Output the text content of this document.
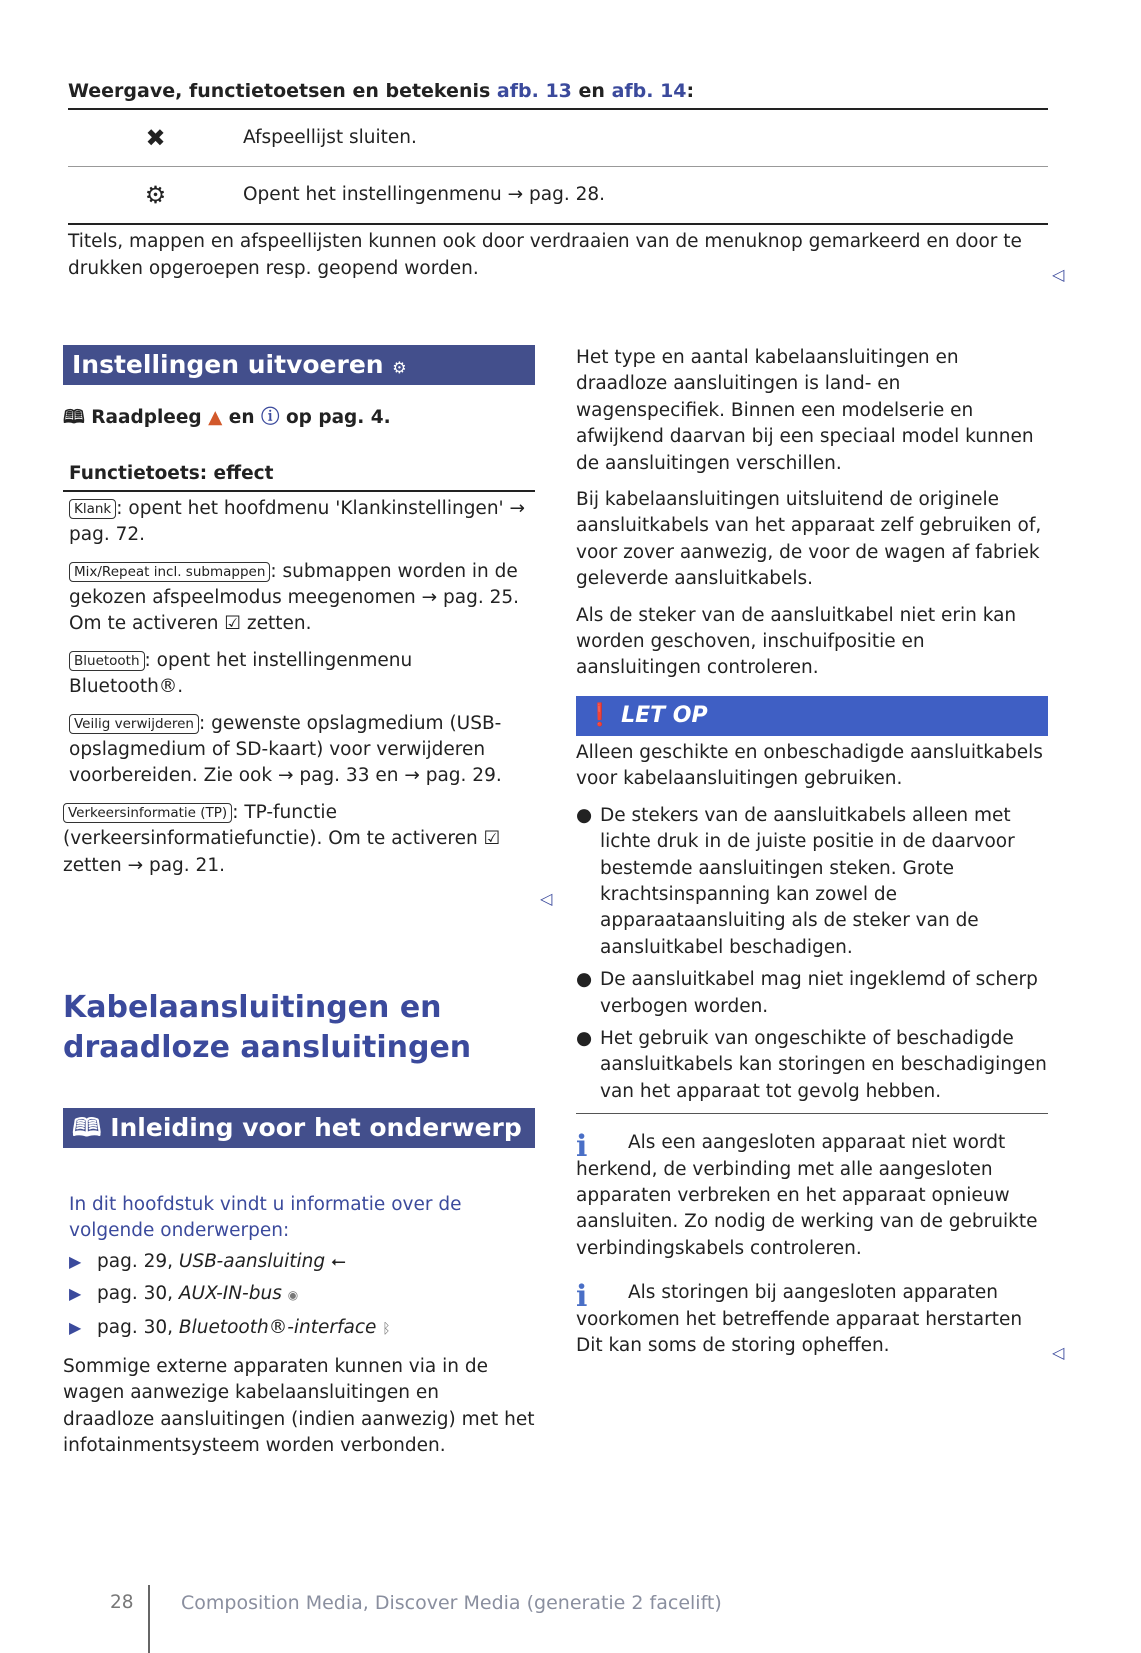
Weergave, functietoetsen en betekenis afb. 13 en afb. 14:
✖	Afspeellijst sluiten.
⚙	Opent het instellingenmenu → pag. 28.

Titels, mappen en afspeellijsten kunnen ook door verdraaien van de menuknop gemarkeerd en door te drukken opgeroepen resp. geopend worden.	◁
Instellingen uitvoeren ⚙
🕮 Raadpleeg ▲ en ⓘ op pag. 4.
Functietoets: effect

Klank : opent het hoofdmenu 'Klankinstellingen' → pag. 72.

Mix/Repeat incl. submappen : submappen worden in de gekozen afspeelmodus meegenomen → pag. 25. Om te activeren ☑ zetten.

Bluetooth : opent het instellingenmenu Bluetooth®.

Veilig verwijderen : gewenste opslagmedium (USB-opslagmedium of SD-kaart) voor verwijderen voorbereiden. Zie ook → pag. 33 en → pag. 29.

Verkeersinformatie (TP) : TP-functie (verkeersinformatiefunctie). Om te activeren ☑ zetten → pag. 21.

◁
Kabelaansluitingen en draadloze aansluitingen
🕮 Inleiding voor het onderwerp

In dit hoofdstuk vindt u informatie over de volgende onderwerpen:

▶ pag. 29, USB-aansluiting ⭠
▶ pag. 30, AUX-IN-bus ◉
▶ pag. 30, Bluetooth®-interface ᛒ

Sommige externe apparaten kunnen via in de wagen aanwezige kabelaansluitingen en draadloze aansluitingen (indien aanwezig) met het infotainmentsysteem worden verbonden.

Het type en aantal kabelaansluitingen en draadloze aansluitingen is land- en wagenspecifiek. Binnen een modelserie en afwijkend daarvan bij een speciaal model kunnen de aansluitingen verschillen.

Bij kabelaansluitingen uitsluitend de originele aansluitkabels van het apparaat zelf gebruiken of, voor zover aanwezig, de voor de wagen af fabriek geleverde aansluitkabels.

Als de steker van de aansluitkabel niet erin kan worden geschoven, inschuifpositie en aansluitingen controleren.

❗ LET OP

Alleen geschikte en onbeschadigde aansluitkabels voor kabelaansluitingen gebruiken.

● De stekers van de aansluitkabels alleen met lichte druk in de juiste positie in de daarvoor bestemde aansluitingen steken. Grote krachtsinspanning kan zowel de apparaataansluiting als de steker van de aansluitkabel beschadigen.
● De aansluitkabel mag niet ingeklemd of scherp verbogen worden.
● Het gebruik van ongeschikte of beschadigde aansluitkabels kan storingen en beschadigingen van het apparaat tot gevolg hebben.

ℹ Als een aangesloten apparaat niet wordt herkend, de verbinding met alle aangesloten apparaten verbreken en het apparaat opnieuw aansluiten. Zo nodig de werking van de gebruikte verbindingskabels controleren.

ℹ Als storingen bij aangesloten apparaten voorkomen het betreffende apparaat herstarten Dit kan soms de storing opheffen.	◁
28 Composition Media, Discover Media (generatie 2 facelift)
